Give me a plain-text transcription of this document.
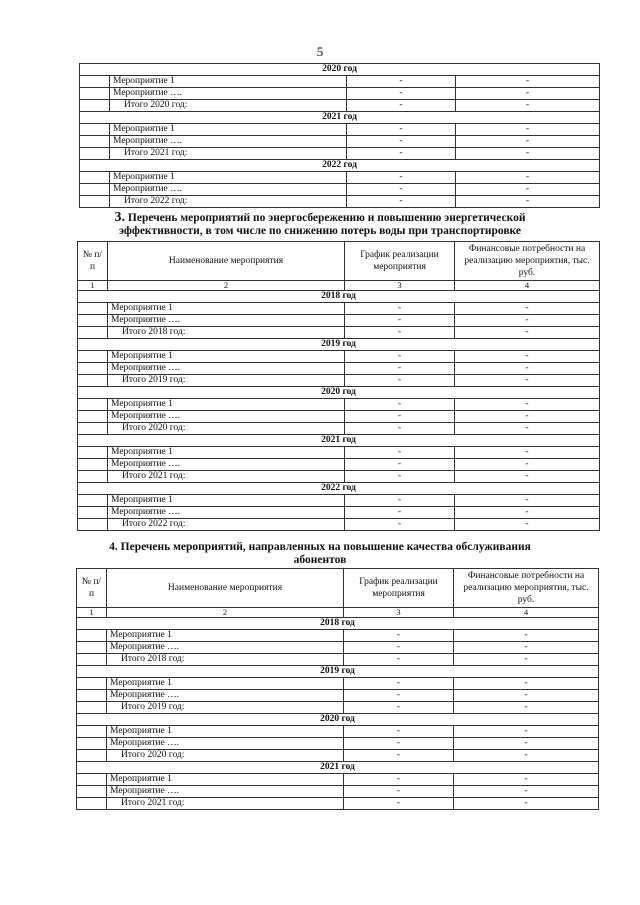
5
2020 год			
	Мероприятие 1	-	-
	Мероприятие ….	-	-
	Итого 2020 год:	-	-
2021 год			
	Мероприятие 1	-	-
	Мероприятие ….	-	-
	Итого 2021 год:	-	-
2022 год			
	Мероприятие 1	-	-
	Мероприятие ….	-	-
	Итого 2022 год:	-	-
3. Перечень мероприятий по энергосбережению и повышению энергетической
эффективности, в том числе по снижению потерь воды при транспортировке
№ п/п	Наименование мероприятия	График реализации мероприятия	Финансовые потребности на реализацию мероприятия, тыс. руб.
1	2	3	4
2018 год			
	Мероприятие 1	-	-
	Мероприятие ….	-	-
	Итого 2018 год:	-	-
2019 год			
	Мероприятие 1	-	-
	Мероприятие ….	-	-
	Итого 2019 год:	-	-
2020 год			
	Мероприятие 1	-	-
	Мероприятие ….	-	-
	Итого 2020 год:	-	-
2021 год			
	Мероприятие 1	-	-
	Мероприятие ….	-	-
	Итого 2021 год:	-	-
2022 год			
	Мероприятие 1	-	-
	Мероприятие ….	-	-
	Итого 2022 год:	-	-
4. Перечень мероприятий, направленных на повышение качества обслуживания
абонентов
№ п/п	Наименование мероприятия	График реализации мероприятия	Финансовые потребности на реализацию мероприятия, тыс. руб.
1	2	3	4
2018 год			
	Мероприятие 1	-	-
	Мероприятие ….	-	-
	Итого 2018 год:	-	-
2019 год			
	Мероприятие 1	-	-
	Мероприятие ….	-	-
	Итого 2019 год:	-	-
2020 год			
	Мероприятие 1	-	-
	Мероприятие ….	-	-
	Итого 2020 год:	-	-
2021 год			
	Мероприятие 1	-	-
	Мероприятие ….	-	-
	Итого 2021 год:	-	-
